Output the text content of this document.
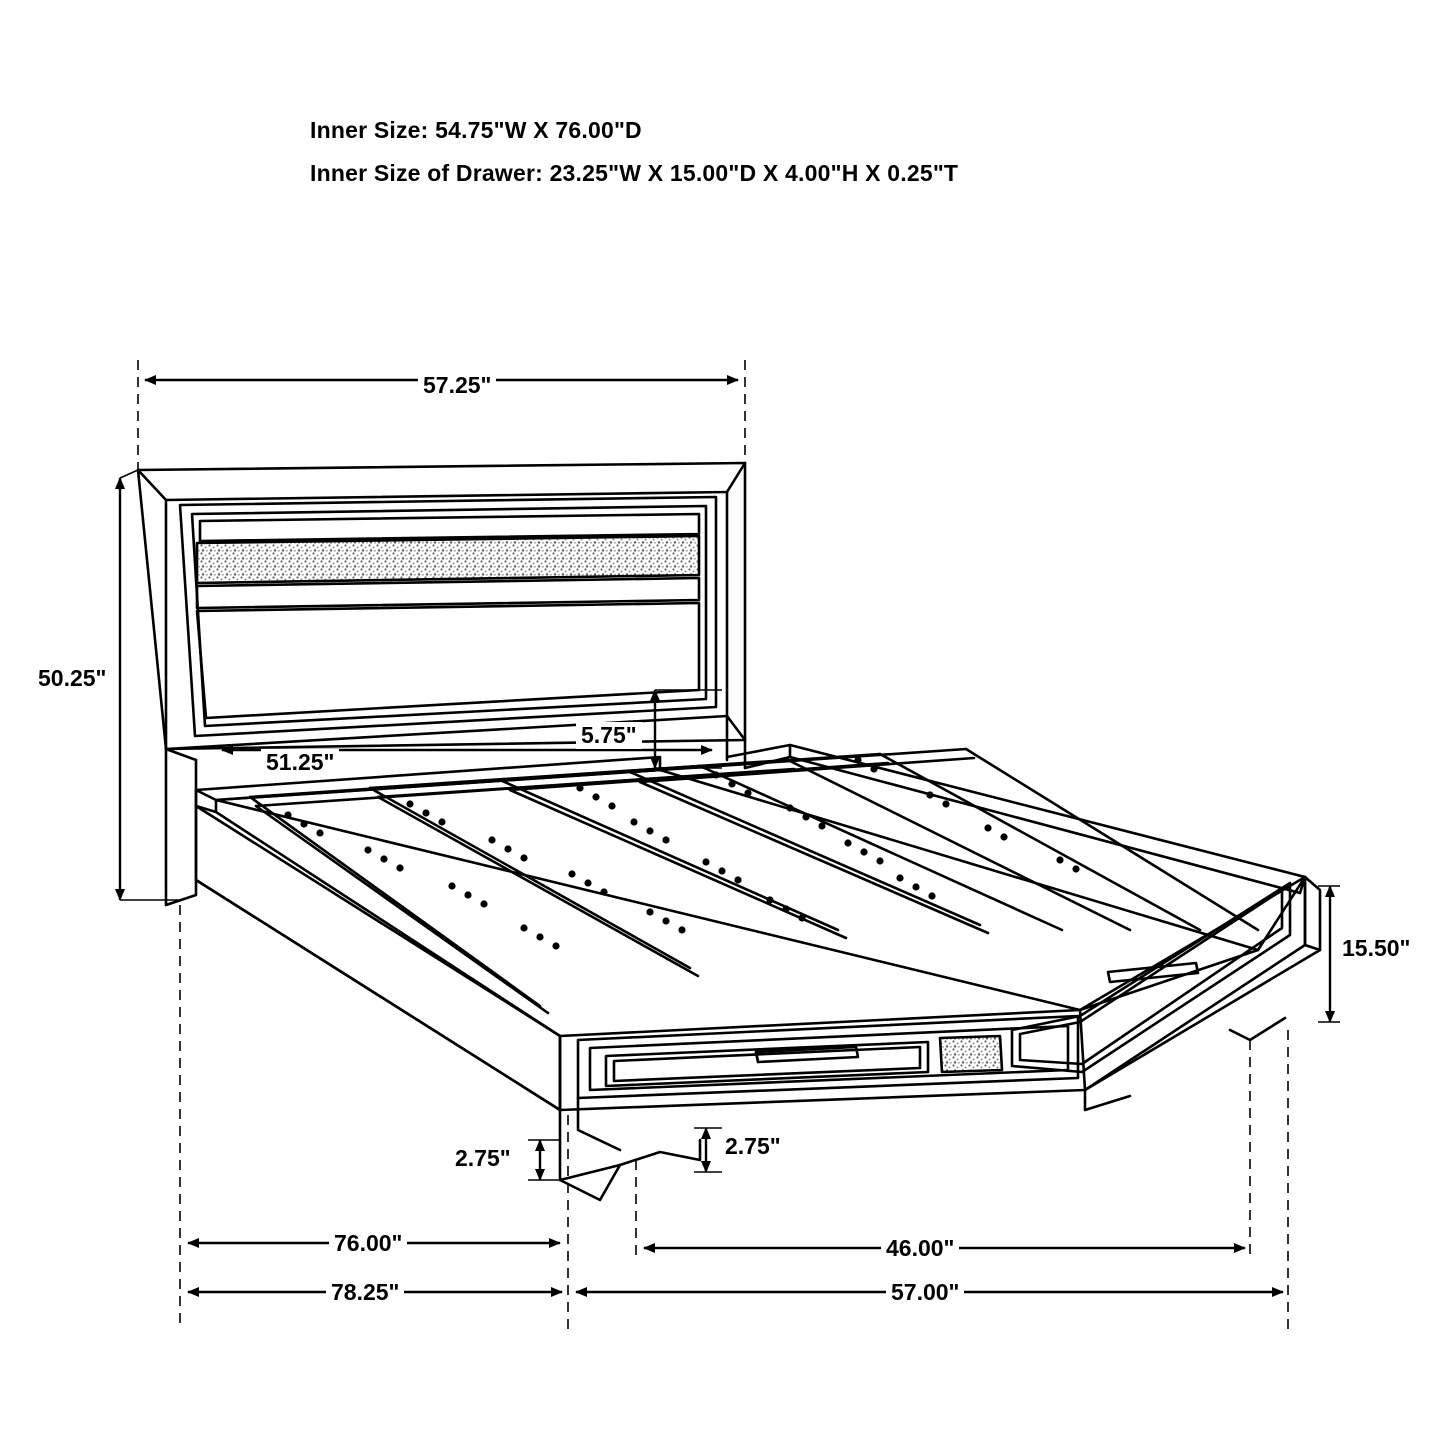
Inner Size: 54.75"W X 76.00"D
Inner Size of Drawer: 23.25"W X 15.00"D X 4.00"H X 0.25"T
57.25"
50.25"
51.25"
5.75"
15.50"
2.75"	2.75"
76.00"	46.00"
78.25"	57.00"
